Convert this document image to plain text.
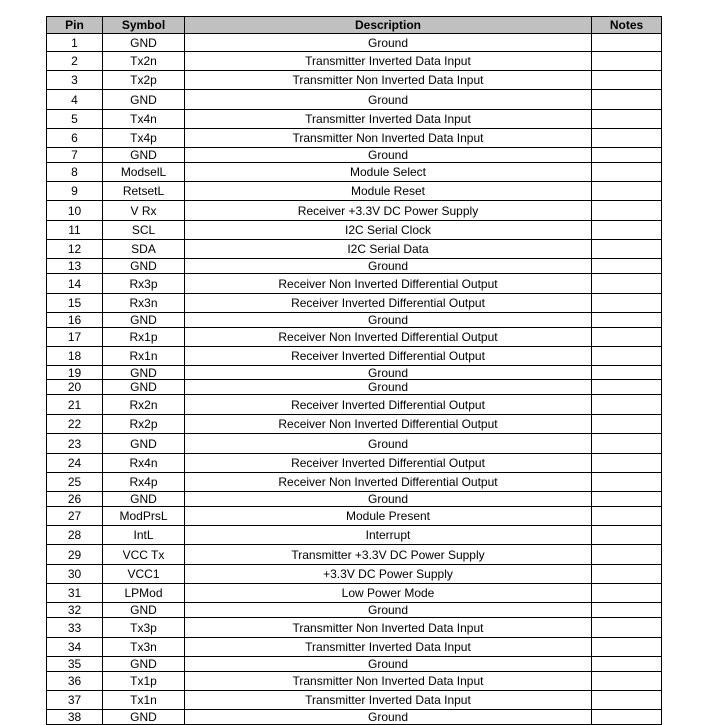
Pin	Symbol	Description	Notes
1	GND	Ground	
2	Tx2n	Transmitter Inverted Data Input	
3	Tx2p	Transmitter Non Inverted Data Input	
4	GND	Ground	
5	Tx4n	Transmitter Inverted Data Input	
6	Tx4p	Transmitter Non Inverted Data Input	
7	GND	Ground	
8	ModselL	Module Select	
9	RetsetL	Module Reset	
10	V Rx	Receiver +3.3V DC Power Supply	
11	SCL	I2C Serial Clock	
12	SDA	I2C Serial Data	
13	GND	Ground	
14	Rx3p	Receiver Non Inverted Differential Output	
15	Rx3n	Receiver Inverted Differential Output	
16	GND	Ground	
17	Rx1p	Receiver Non Inverted Differential Output	
18	Rx1n	Receiver Inverted Differential Output	
19	GND	Ground	
20	GND	Ground	
21	Rx2n	Receiver Inverted Differential Output	
22	Rx2p	Receiver Non Inverted Differential Output	
23	GND	Ground	
24	Rx4n	Receiver Inverted Differential Output	
25	Rx4p	Receiver Non Inverted Differential Output	
26	GND	Ground	
27	ModPrsL	Module Present	
28	IntL	Interrupt	
29	VCC Tx	Transmitter +3.3V DC Power Supply	
30	VCC1	+3.3V DC Power Supply	
31	LPMod	Low Power Mode	
32	GND	Ground	
33	Tx3p	Transmitter Non Inverted Data Input	
34	Tx3n	Transmitter Inverted Data Input	
35	GND	Ground	
36	Tx1p	Transmitter Non Inverted Data Input	
37	Tx1n	Transmitter Inverted Data Input	
38	GND	Ground	
